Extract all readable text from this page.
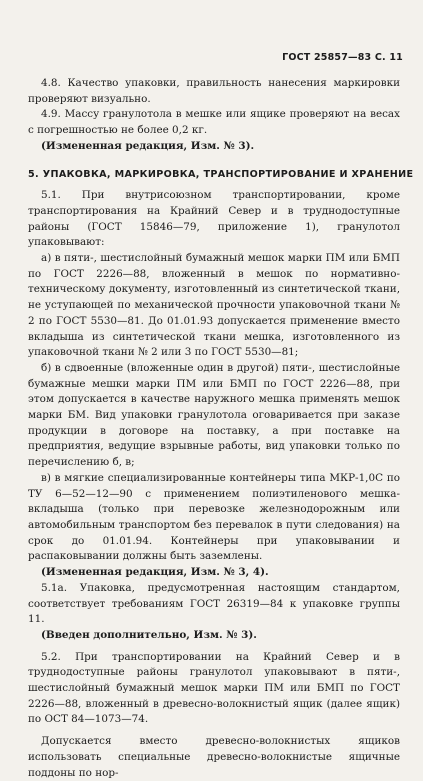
ГОСТ 25857—83 С. 11

4.8. Качество упаковки, правильность нанесения маркировки проверяют визуально.

4.9. Массу гранулотола в мешке или ящике проверяют на весах с погрешностью не более 0,2 кг.

(Измененная редакция, Изм. № 3).

5. УПАКОВКА, МАРКИРОВКА, ТРАНСПОРТИРОВАНИЕ И ХРАНЕНИЕ

5.1. При внутрисоюзном транспортировании, кроме транспортирования на Крайний Север и в труднодоступные районы (ГОСТ 15846—79, приложение 1), гранулотол упаковывают:

а) в пяти-, шестислойный бумажный мешок марки ПМ или БМП по ГОСТ 2226—88, вложенный в мешок по нормативно-техническому документу, изготовленный из синтетической ткани, не уступающей по механической прочности упаковочной ткани № 2 по ГОСТ 5530—81. До 01.01.93 допускается применение вместо вкладыша из синтетической ткани мешка, изготовленного из упаковочной ткани № 2 или 3 по ГОСТ 5530—81;

б) в сдвоенные (вложенные один в другой) пяти-, шестислойные бумажные мешки марки ПМ или БМП по ГОСТ 2226—88, при этом допускается в качестве наружного мешка применять мешок марки БМ. Вид упаковки гранулотола оговаривается при заказе продукции в договоре на поставку, а при поставке на предприятия, ведущие взрывные работы, вид упаковки только по перечислению б, в;

в) в мягкие специализированные контейнеры типа МКР-1,0С по ТУ 6—52—12—90 с применением полиэтиленового мешка-вкладыша (только при перевозке железнодорожным или автомобильным транспортом без перевалок в пути следования) на срок до 01.01.94. Контейнеры при упаковывании и распаковывании должны быть заземлены.

(Измененная редакция, Изм. № 3, 4).

5.1а. Упаковка, предусмотренная настоящим стандартом, соответствует требованиям ГОСТ 26319—84 к упаковке группы 11.

(Введен дополнительно, Изм. № 3).

5.2. При транспортировании на Крайний Север и в труднодоступные районы гранулотол упаковывают в пяти-, шестислойный бумажный мешок марки ПМ или БМП по ГОСТ 2226—88, вложенный в древесно-волокнистый ящик (далее ящик) по ОСТ 84—1073—74.

Допускается вместо древесно-волокнистых ящиков использовать специальные древесно-волокнистые ящичные поддоны по нор-
